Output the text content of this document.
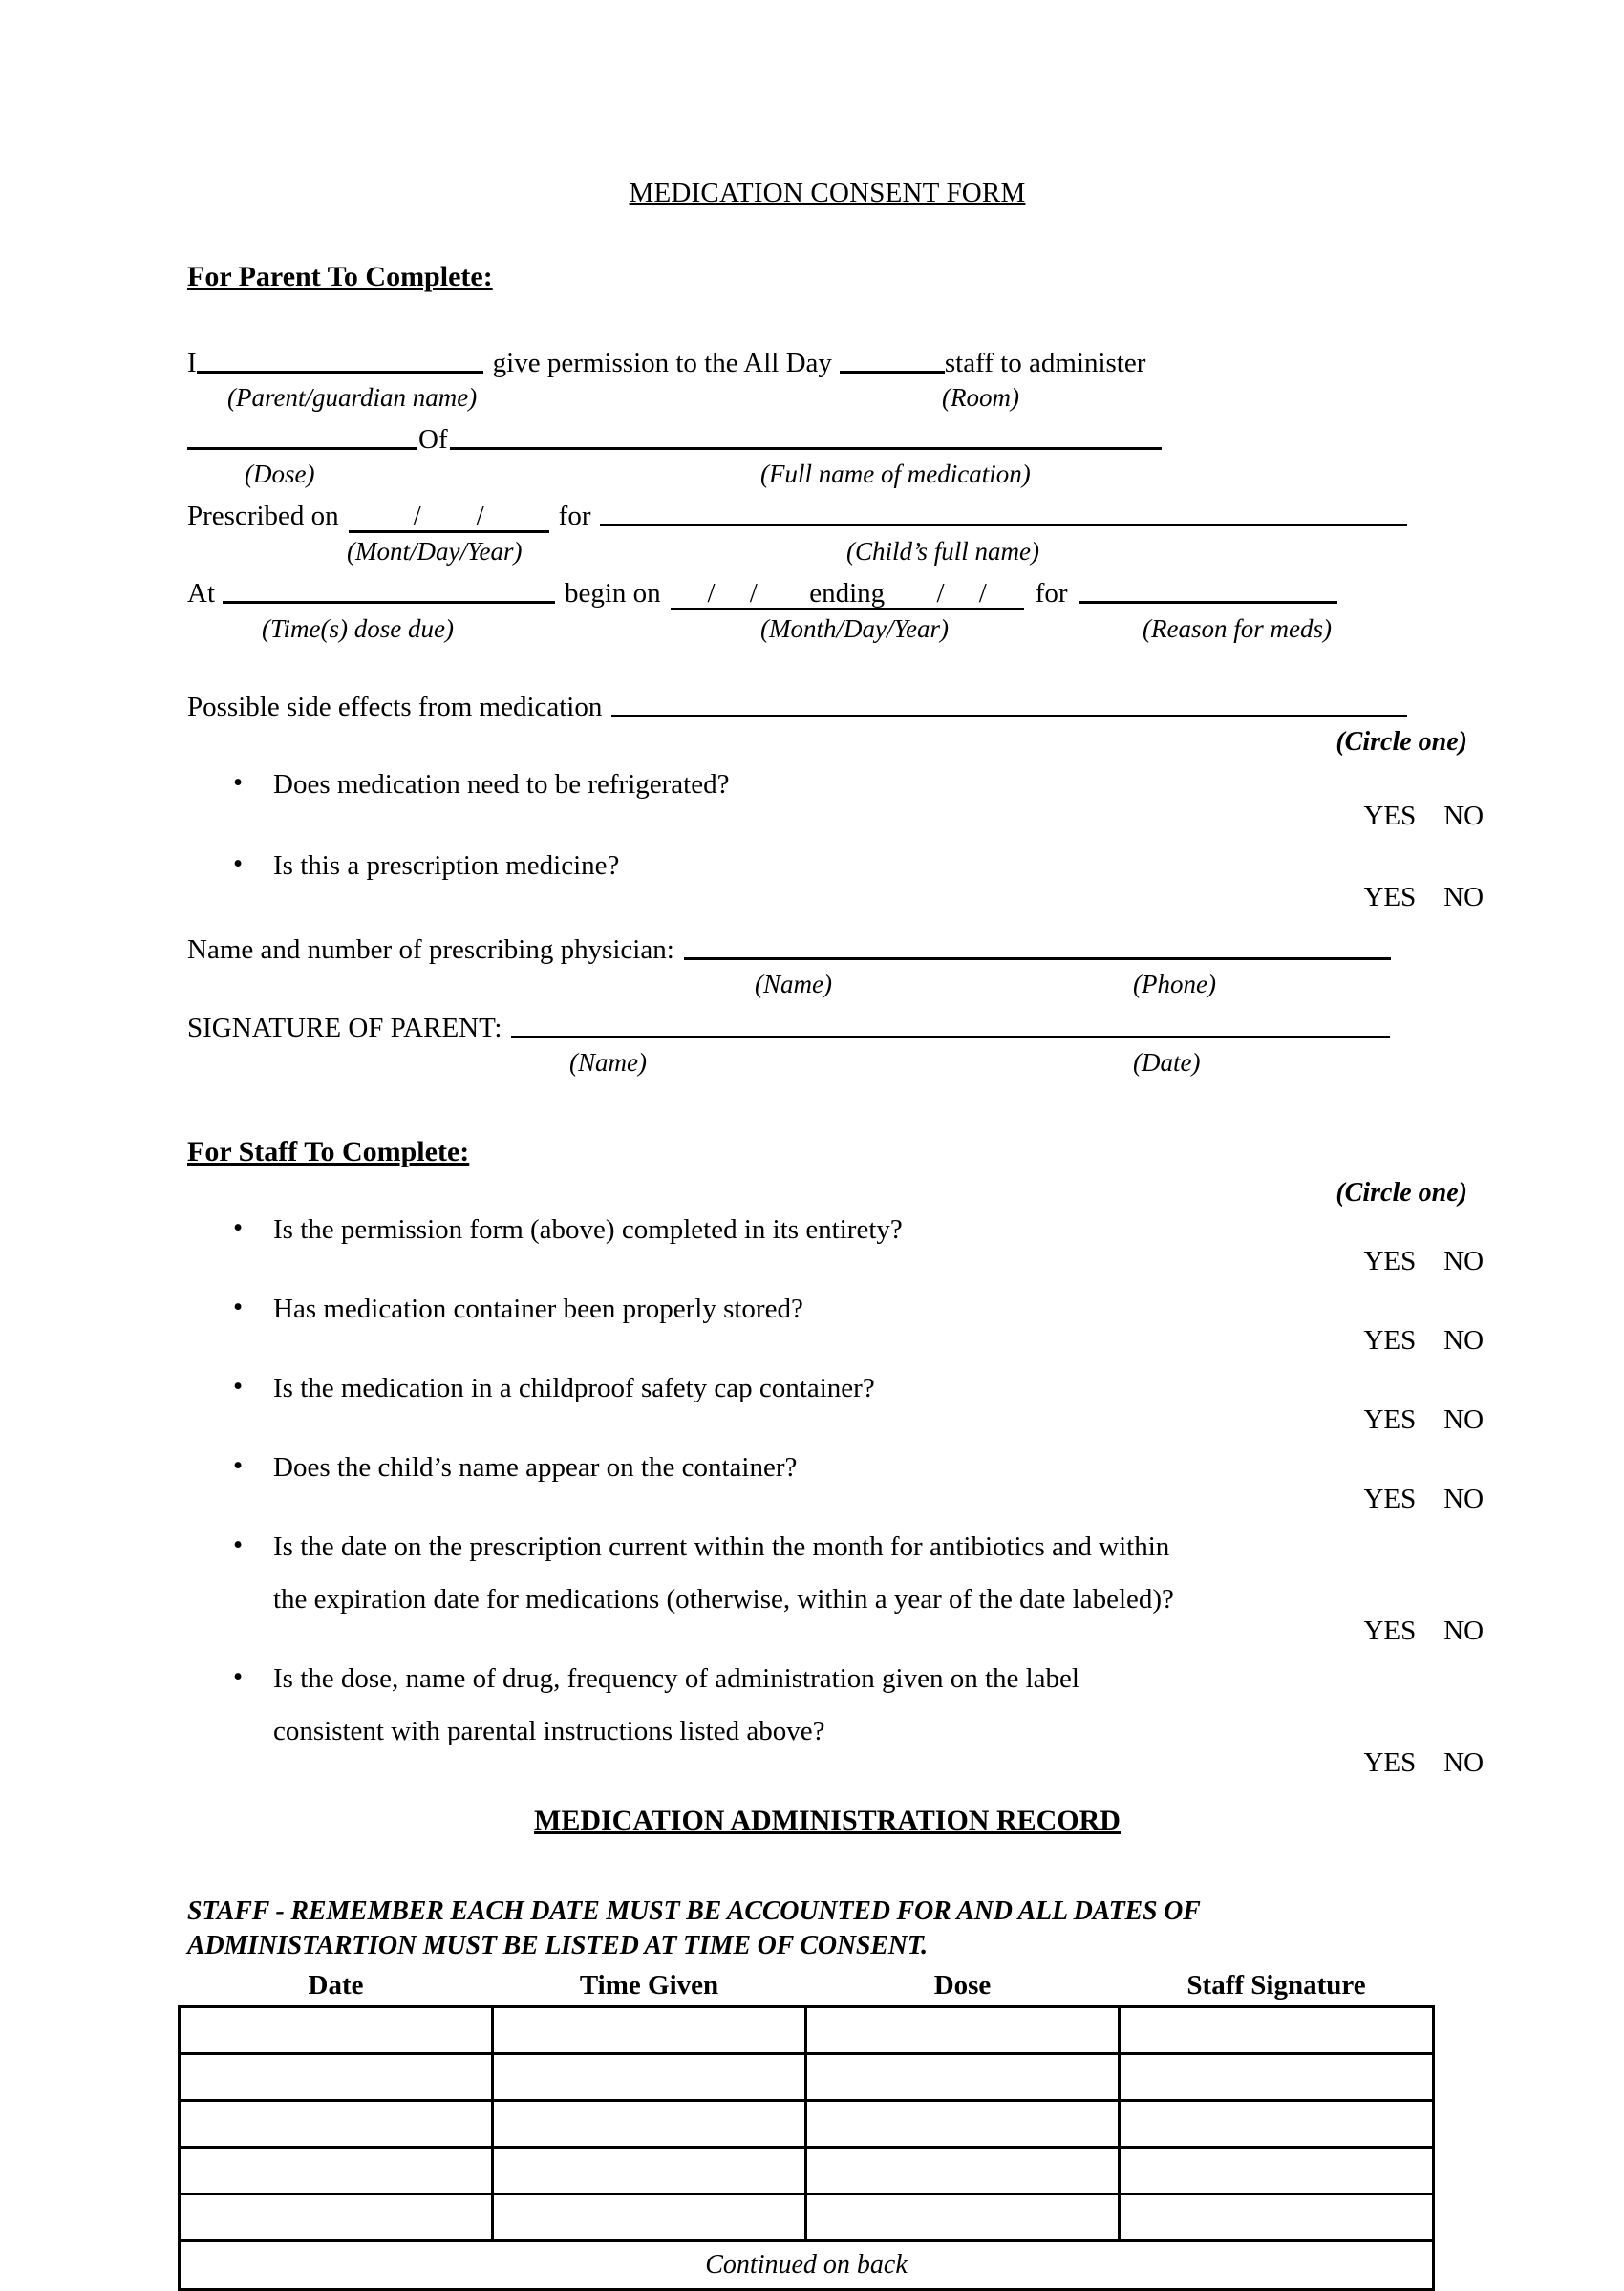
MEDICATION CONSENT FORM
For Parent To Complete:
I	give permission to the All Day	staff to administer
(Parent/guardian name)	(Room)
Of
(Dose)	(Full name of medication)
Prescribed on	/        /	for
(Mont/Day/Year)	(Child’s full name)
At	begin on /     / ending /     / for
(Time(s) dose due)	(Month/Day/Year)	(Reason for meds)
Possible side effects from medication
(Circle one)
• Does medication need to be refrigerated?

YES NO

• Is this a prescription medicine?

YES NO

Name and number of prescribing physician:
(Name)	(Phone)
SIGNATURE OF PARENT:
(Name)	(Date)
For Staff To Complete:
(Circle one)
• Is the permission form (above) completed in its entirety?

YES NO

• Has medication container been properly stored?

YES NO

• Is the medication in a childproof safety cap container?

YES NO

• Does the child’s name appear on the container?

YES NO

• Is the date on the prescription current within the month for antibiotics and within
the expiration date for medications (otherwise, within a year of the date labeled)?

YES NO

• Is the dose, name of drug, frequency of administration given on the label
consistent with parental instructions listed above?

YES NO

MEDICATION ADMINISTRATION RECORD
STAFF - REMEMBER EACH DATE MUST BE ACCOUNTED FOR AND ALL DATES OF
ADMINISTARTION MUST BE LISTED AT TIME OF CONSENT.
Date	Time Given	Dose	Staff Signature

Continued on back			
